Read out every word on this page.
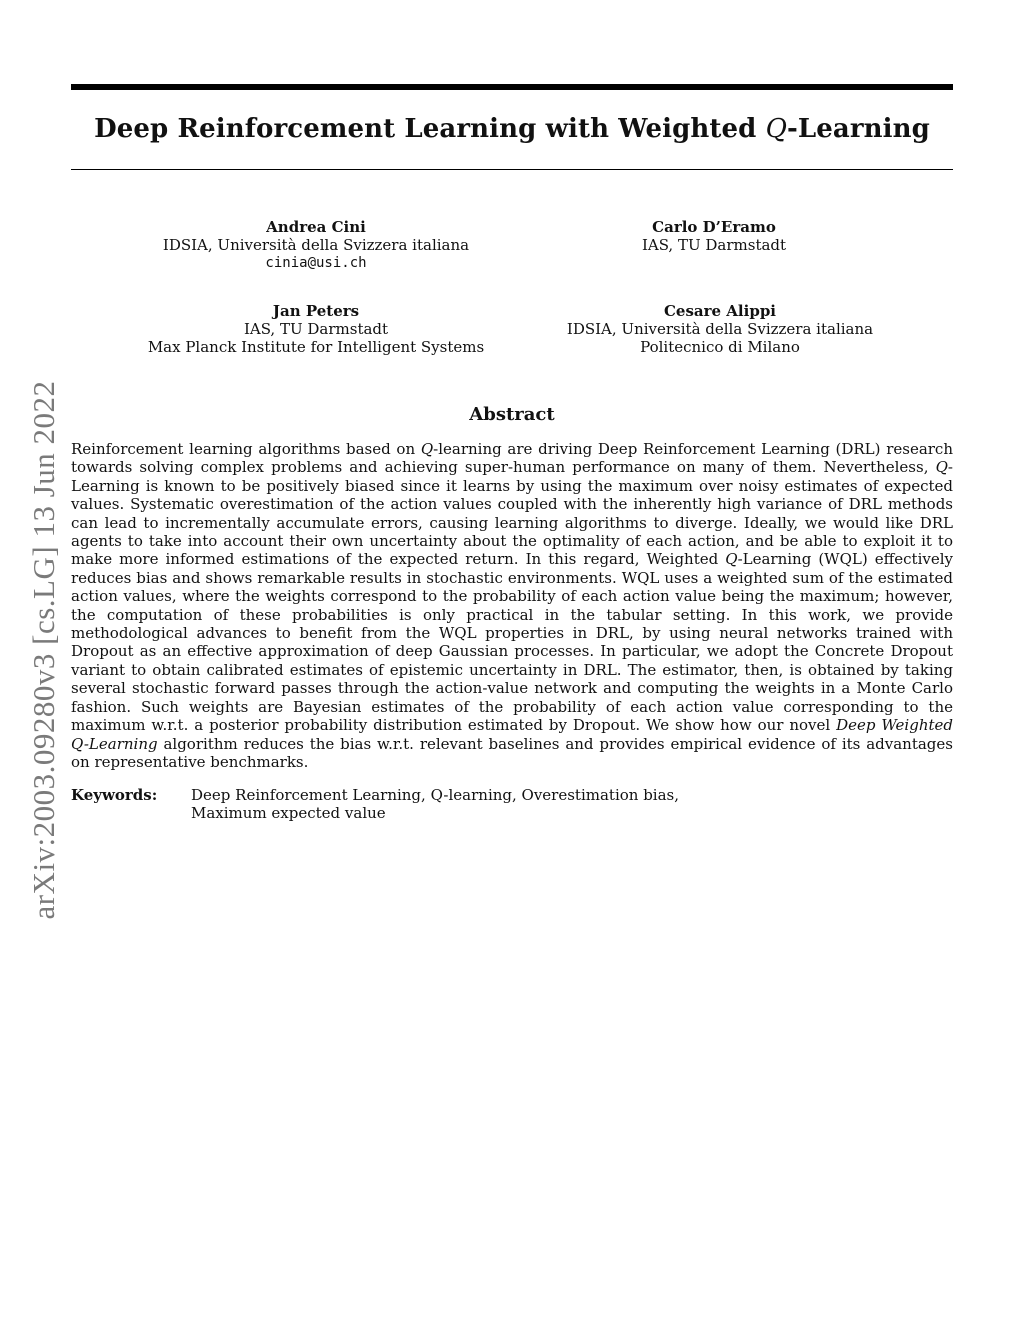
Deep Reinforcement Learning with Weighted Q-Learning
Andrea Cini
IDSIA, Università della Svizzera italiana
cinia@usi.ch
Carlo D’Eramo
IAS, TU Darmstadt
Jan Peters
IAS, TU Darmstadt
Max Planck Institute for Intelligent Systems
Cesare Alippi
IDSIA, Università della Svizzera italiana
Politecnico di Milano
arXiv:2003.09280v3 [cs.LG] 13 Jun 2022	Abstract
Reinforcement learning algorithms based on Q-learning are driving Deep Reinforcement Learning (DRL) research towards solving complex problems and achieving super-human performance on many of them. Nevertheless, Q-Learning is known to be positively biased since it learns by using the maximum over noisy estimates of expected values. Systematic overestimation of the action values coupled with the inherently high variance of DRL methods can lead to incrementally accumulate errors, causing learning algorithms to diverge. Ideally, we would like DRL agents to take into account their own uncertainty about the optimality of each action, and be able to exploit it to make more informed estimations of the expected return. In this regard, Weighted Q-Learning (WQL) effectively reduces bias and shows remarkable results in stochastic environments. WQL uses a weighted sum of the estimated action values, where the weights correspond to the probability of each action value being the maximum; however, the computation of these probabilities is only practical in the tabular setting. In this work, we provide methodological advances to benefit from the WQL properties in DRL, by using neural networks trained with Dropout as an effective approximation of deep Gaussian processes. In particular, we adopt the Concrete Dropout variant to obtain calibrated estimates of epistemic uncertainty in DRL. The estimator, then, is obtained by taking several stochastic forward passes through the action-value network and computing the weights in a Monte Carlo fashion. Such weights are Bayesian estimates of the probability of each action value corresponding to the maximum w.r.t. a posterior probability distribution estimated by Dropout. We show how our novel Deep Weighted Q-Learning algorithm reduces the bias w.r.t. relevant baselines and provides empirical evidence of its advantages on representative benchmarks.
Keywords: Deep Reinforcement Learning, Q-learning, Overestimation bias, Maximum expected value
